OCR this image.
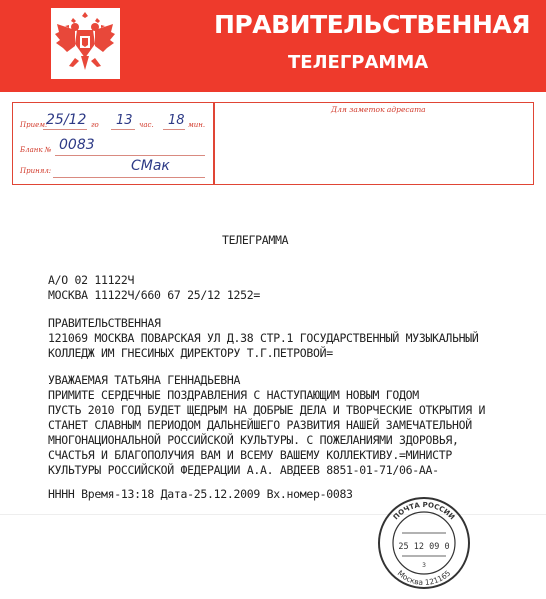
ПРАВИТЕЛЬСТВЕННАЯ
ТЕЛЕГРАММА
Прием:
25/12 го 13 час. 18 мин.
Бланк № 0083
Принял:	СМак
Для заметок адресата
ТЕЛЕГРАММА
А/О 02 11122Ч
МОСКВА 11122Ч/660 67 25/12 1252=
ПРАВИТЕЛЬСТВЕННАЯ
121069 МОСКВА ПОВАРСКАЯ УЛ Д.38 СТР.1 ГОСУДАРСТВЕННЫЙ МУЗЫКАЛЬНЫЙ
КОЛЛЕДЖ ИМ ГНЕСИНЫХ ДИРЕКТОРУ Т.Г.ПЕТРОВОЙ=
УВАЖАЕМАЯ ТАТЬЯНА ГЕННАДЬЕВНА
ПРИМИТЕ СЕРДЕЧНЫЕ ПОЗДРАВЛЕНИЯ С НАСТУПАЮЩИМ НОВЫМ ГОДОМ
ПУСТЬ 2010 ГОД БУДЕТ ЩЕДРЫМ НА ДОБРЫЕ ДЕЛА И ТВОРЧЕСКИЕ ОТКРЫТИЯ И
СТАНЕТ СЛАВНЫМ ПЕРИОДОМ ДАЛЬНЕЙШЕГО РАЗВИТИЯ НАШЕЙ ЗАМЕЧАТЕЛЬНОЙ
МНОГОНАЦИОНАЛЬНОЙ РОССИЙСКОЙ КУЛЬТУРЫ. С ПОЖЕЛАНИЯМИ ЗДОРОВЬЯ,
СЧАСТЬЯ И БЛАГОПОЛУЧИЯ ВАМ И ВСЕМУ ВАШЕМУ КОЛЛЕКТИВУ.=МИНИСТР
КУЛЬТУРЫ РОССИЙСКОЙ ФЕДЕРАЦИИ А.А. АВДЕЕВ 8851-01-71/06-АА-
НННН Время-13:18 Дата-25.12.2009 Вх.номер-0083
ПОЧТА РОССИИ
25 12 09 0
3
Москва 121165
